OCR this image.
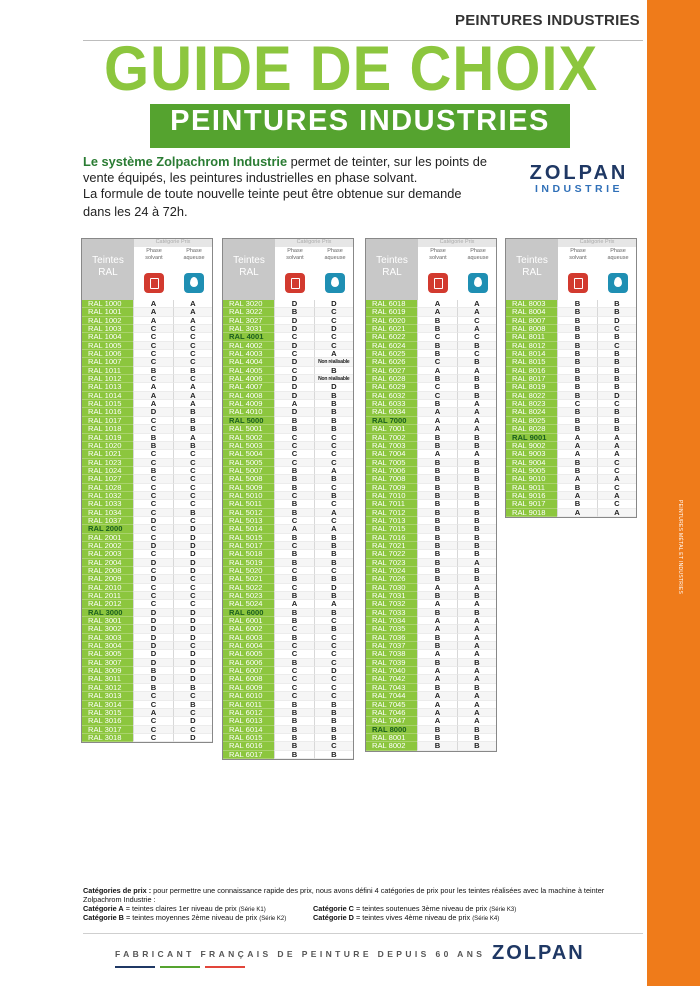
PEINTURES MÉTAL ET INDUSTRIES
PEINTURES INDUSTRIES
GUIDE DE CHOIX
PEINTURES INDUSTRIES
Le système Zolpachrom Industrie permet de teinter, sur les points de vente équipés, les peintures industrielles en phase solvant.
La formule de toute nouvelle teinte peut être obtenue sur demande
dans les 24 à 72h.
ZOLPAN
INDUSTRIE
Teintes
RAL
Catégorie Prix
Phase
solvant
Phase
aqueuse
RAL 1000	A	A
RAL 1001	A	A
RAL 1002	A	A
RAL 1003	C	C
RAL 1004	C	C
RAL 1005	C	C
RAL 1006	C	C
RAL 1007	C	C
RAL 1011	B	B
RAL 1012	C	C
RAL 1013	A	A
RAL 1014	A	A
RAL 1015	A	A
RAL 1016	D	B
RAL 1017	C	B
RAL 1018	C	B
RAL 1019	B	A
RAL 1020	B	B
RAL 1021	C	C
RAL 1023	C	C
RAL 1024	B	C
RAL 1027	C	C
RAL 1028	C	C
RAL 1032	C	C
RAL 1033	C	C
RAL 1034	C	B
RAL 1037	D	C
RAL 2000	C	D
RAL 2001	C	D
RAL 2002	D	D
RAL 2003	C	D
RAL 2004	D	D
RAL 2008	C	D
RAL 2009	D	C
RAL 2010	C	C
RAL 2011	C	C
RAL 2012	C	C
RAL 3000	D	D
RAL 3001	D	D
RAL 3002	D	D
RAL 3003	D	D
RAL 3004	D	C
RAL 3005	D	D
RAL 3007	D	D
RAL 3009	B	D
RAL 3011	D	D
RAL 3012	B	B
RAL 3013	C	C
RAL 3014	C	B
RAL 3015	A	C
RAL 3016	C	D
RAL 3017	C	C
RAL 3018	C	D
Teintes
RAL
Catégorie Prix
Phase
solvant
Phase
aqueuse
RAL 3020	D	D
RAL 3022	B	C
RAL 3027	D	C
RAL 3031	D	D
RAL 4001	C	C
RAL 4002	D	C
RAL 4003	C	A
RAL 4004	D	Non réalisable
RAL 4005	C	B
RAL 4006	D	Non réalisable
RAL 4007	D	D
RAL 4008	D	B
RAL 4009	A	B
RAL 4010	D	B
RAL 5000	B	B
RAL 5001	B	B
RAL 5002	C	C
RAL 5003	C	C
RAL 5004	C	C
RAL 5005	C	C
RAL 5007	B	A
RAL 5008	B	B
RAL 5009	B	C
RAL 5010	C	B
RAL 5011	B	C
RAL 5012	B	A
RAL 5013	C	C
RAL 5014	A	A
RAL 5015	B	B
RAL 5017	C	B
RAL 5018	B	B
RAL 5019	B	B
RAL 5020	C	C
RAL 5021	B	B
RAL 5022	C	D
RAL 5023	B	B
RAL 5024	A	A
RAL 6000	B	B
RAL 6001	B	C
RAL 6002	C	B
RAL 6003	B	C
RAL 6004	C	C
RAL 6005	C	C
RAL 6006	B	C
RAL 6007	C	D
RAL 6008	C	C
RAL 6009	C	C
RAL 6010	C	C
RAL 6011	B	B
RAL 6012	B	B
RAL 6013	B	B
RAL 6014	B	B
RAL 6015	B	B
RAL 6016	B	C
RAL 6017	B	B
Teintes
RAL
Catégorie Prix
Phase
solvant
Phase
aqueuse
RAL 6018	A	A
RAL 6019	A	A
RAL 6020	B	C
RAL 6021	B	A
RAL 6022	C	C
RAL 6024	B	B
RAL 6025	B	C
RAL 6026	C	B
RAL 6027	A	A
RAL 6028	B	B
RAL 6029	C	B
RAL 6032	C	B
RAL 6033	B	A
RAL 6034	A	A
RAL 7000	A	A
RAL 7001	A	A
RAL 7002	B	B
RAL 7003	B	B
RAL 7004	A	A
RAL 7005	B	B
RAL 7006	B	B
RAL 7008	B	B
RAL 7009	B	B
RAL 7010	B	B
RAL 7011	B	B
RAL 7012	B	B
RAL 7013	B	B
RAL 7015	B	B
RAL 7016	B	B
RAL 7021	B	B
RAL 7022	B	B
RAL 7023	B	A
RAL 7024	B	B
RAL 7026	B	B
RAL 7030	A	A
RAL 7031	B	B
RAL 7032	A	A
RAL 7033	B	B
RAL 7034	A	A
RAL 7035	A	A
RAL 7036	B	A
RAL 7037	B	A
RAL 7038	A	A
RAL 7039	B	B
RAL 7040	A	A
RAL 7042	A	A
RAL 7043	B	B
RAL 7044	A	A
RAL 7045	A	A
RAL 7046	A	A
RAL 7047	A	A
RAL 8000	B	B
RAL 8001	B	B
RAL 8002	B	B
Teintes
RAL
Catégorie Prix
Phase
solvant
Phase
aqueuse
RAL 8003	B	B
RAL 8004	B	B
RAL 8007	B	D
RAL 8008	B	C
RAL 8011	B	B
RAL 8012	B	C
RAL 8014	B	B
RAL 8015	B	B
RAL 8016	B	B
RAL 8017	B	B
RAL 8019	B	B
RAL 8022	B	D
RAL 8023	C	C
RAL 8024	B	B
RAL 8025	B	B
RAL 8028	B	B
RAL 9001	A	A
RAL 9002	A	A
RAL 9003	A	A
RAL 9004	B	C
RAL 9005	B	C
RAL 9010	A	A
RAL 9011	B	C
RAL 9016	A	A
RAL 9017	B	C
RAL 9018	A	A
Catégories de prix : pour permettre une connaissance rapide des prix, nous avons défini 4 catégories de prix pour les teintes réalisées avec la machine à teinter Zolpachrom Industrie :
Catégorie A = teintes claires 1er niveau de prix (Série K1)
Catégorie B = teintes moyennes 2ème niveau de prix (Série K2)
Catégorie C = teintes soutenues 3ème niveau de prix (Série K3)
Catégorie D = teintes vives 4ème niveau de prix (Série K4)
FABRICANT FRANÇAIS DE PEINTURE DEPUIS 60 ANS ZOLPAN
